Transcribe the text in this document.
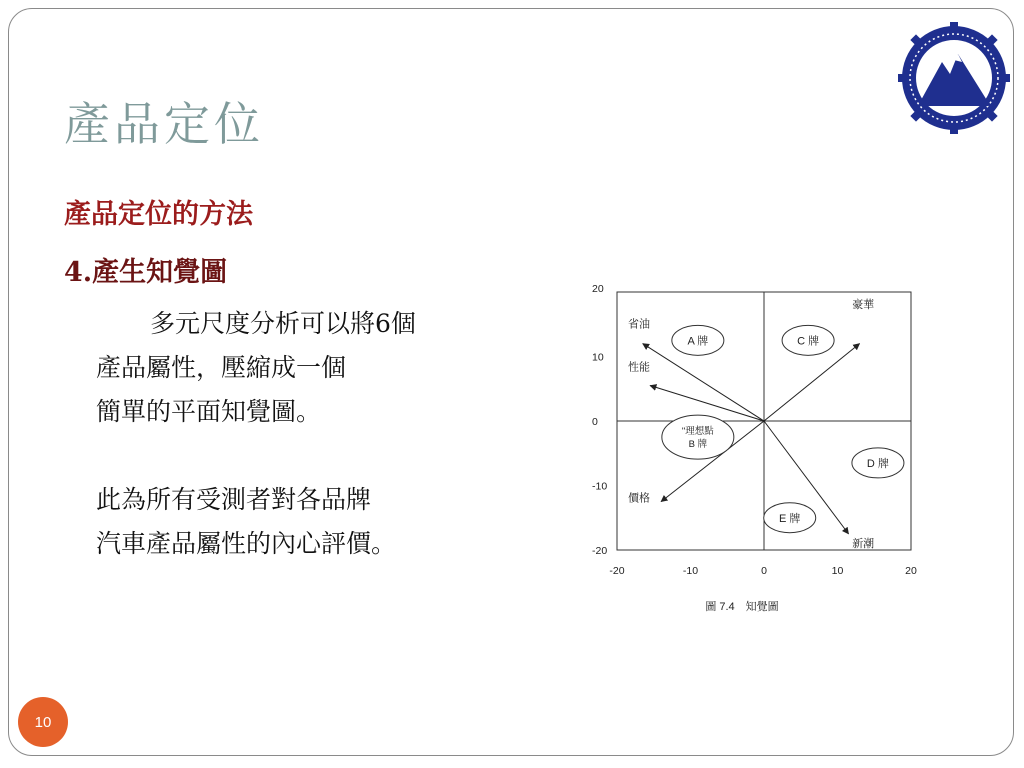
產品定位
產品定位的方法
4.產生知覺圖

多元尺度分析可以將6個

產品屬性，壓縮成一個

簡單的平面知覺圖。

此為所有受測者對各品牌

汽車產品屬性的內心評價。

-20	-10	0	10	20
20
10
0
-10
-20
豪華
省油
性能
價格
新潮
A 牌	C 牌
"理想點
B 牌
D 牌
E 牌
圖 7.4　知覺圖
10
